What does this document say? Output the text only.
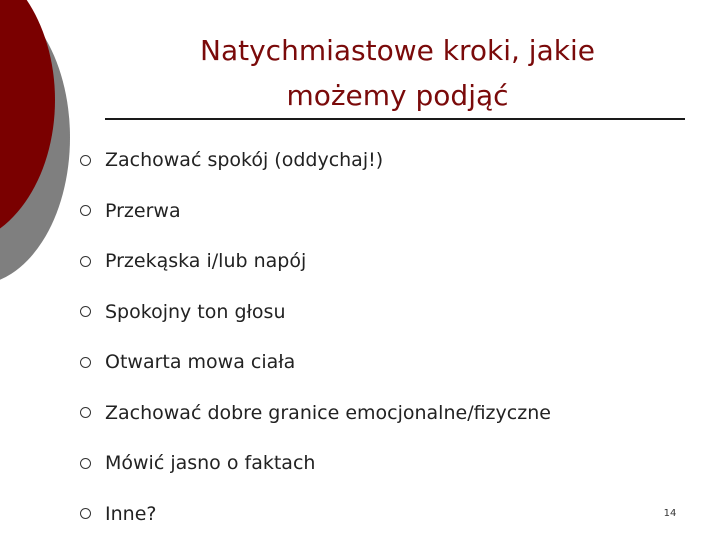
Natychmiastowe kroki, jakie możemy podjąć
Zachować spokój (oddychaj!)
Przerwa
Przekąska i/lub napój
Spokojny ton głosu
Otwarta mowa ciała
Zachować dobre granice emocjonalne/fizyczne
Mówić jasno o faktach
Inne?	14
